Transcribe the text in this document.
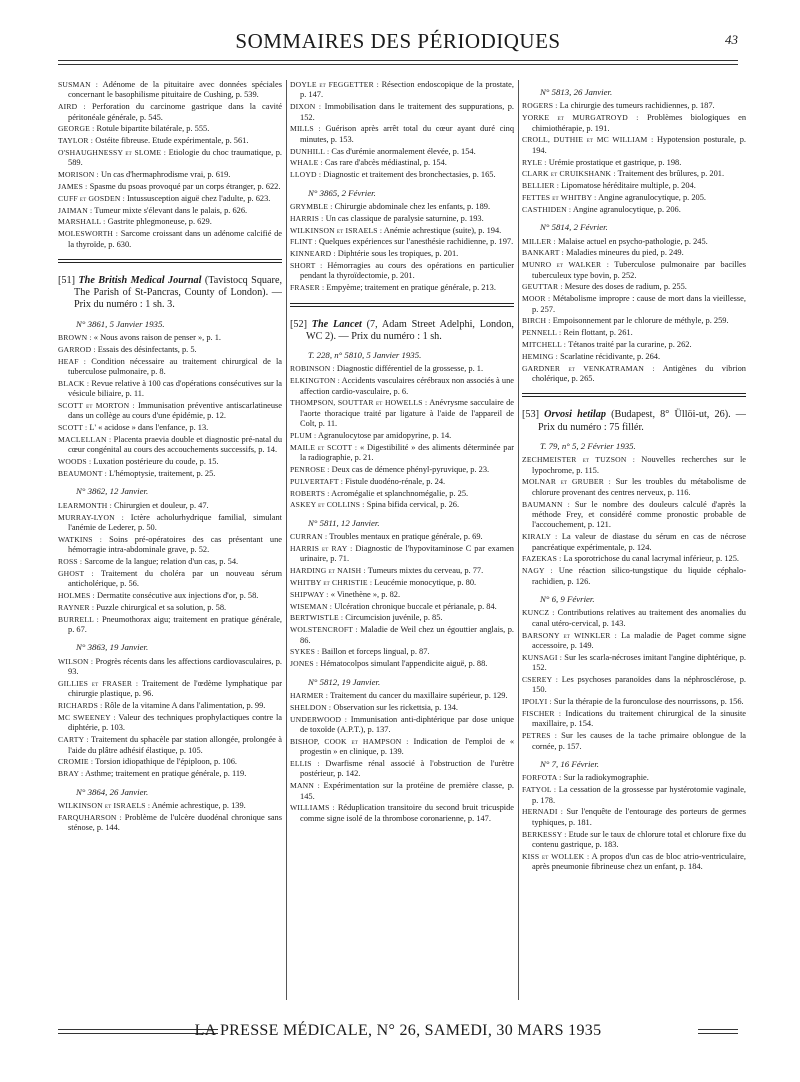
SOMMAIRES DES PÉRIODIQUES	43

SUSMAN : Adénome de la pituitaire avec données spéciales concernant le basophilisme pituitaire de Cushing, p. 539.

AIRD : Perforation du carcinome gastrique dans la cavité péritonéale générale, p. 545.

GEORGE : Rotule bipartite bilatérale, p. 555.

TAYLOR : Ostéite fibreuse. Etude expérimentale, p. 561.

O'SHAUGHNESSY et SLOME : Etiologie du choc traumatique, p. 589.

MORISON : Un cas d'hermaphrodisme vrai, p. 619.

JAMES : Spasme du psoas provoqué par un corps étranger, p. 622.

CUFF et GOSDEN : Intussusception aiguë chez l'adulte, p. 623.

JAIMAN : Tumeur mixte s'élevant dans le palais, p. 626.

MARSHALL : Gastrite phlegmoneuse, p. 629.

MOLESWORTH : Sarcome croissant dans un adénome calcifié de la thyroïde, p. 630.

[51] The British Medical Journal (Tavistocq Square, The Parish of St-Pancras, County of London). — Prix du numéro : 1 sh. 3.
N° 3861, 5 Janvier 1935.

BROWN : « Nous avons raison de penser », p. 1.

GARROD : Essais des désinfectants, p. 5.

HEAF : Condition nécessaire au traitement chirurgical de la tuberculose pulmonaire, p. 8.

BLACK : Revue relative à 100 cas d'opérations consécutives sur la vésicule biliaire, p. 11.

SCOTT et MORTON : Immunisation préventive antiscarlatineuse dans un collège au cours d'une épidémie, p. 12.

SCOTT : L' « acidose » dans l'enfance, p. 13.

MACLELLAN : Placenta praevia double et diagnostic pré-natal du cœur congénital au cours des accouchements successifs, p. 14.

WOODS : Luxation postérieure du coude, p. 15.

BEAUMONT : L'hémoptysie, traitement, p. 25.

N° 3862, 12 Janvier.

LEARMONTH : Chirurgien et douleur, p. 47.

MURRAY-LYON : Ictère acholurhydrique familial, simulant l'anémie de Lederer, p. 50.

WATKINS : Soins pré-opératoires des cas présentant une hémorragie intra-abdominale grave, p. 52.

ROSS : Sarcome de la langue; relation d'un cas, p. 54.

GHOST : Traitement du choléra par un nouveau sérum anticholérique, p. 56.

HOLMES : Dermatite consécutive aux injections d'or, p. 58.

RAYNER : Puzzle chirurgical et sa solution, p. 58.

BURRELL : Pneumothorax aigu; traitement en pratique générale, p. 67.

N° 3863, 19 Janvier.

WILSON : Progrès récents dans les affections cardiovasculaires, p. 93.

GILLIES et FRASER : Traitement de l'œdème lymphatique par chirurgie plastique, p. 96.

RICHARDS : Rôle de la vitamine A dans l'alimentation, p. 99.

MC SWEENEY : Valeur des techniques prophylactiques contre la diphtérie, p. 103.

CARTY : Traitement du sphacèle par station allongée, prolongée à l'aide du plâtre adhésif élastique, p. 105.

CROMIE : Torsion idiopathique de l'épiploon, p. 106.

BRAY : Asthme; traitement en pratique générale, p. 119.

N° 3864, 26 Janvier.

WILKINSON et ISRAELS : Anémie achrestique, p. 139.

FARQUHARSON : Problème de l'ulcère duodénal chronique sans sténose, p. 144.

DOYLE et FEGGETTER : Résection endoscopique de la prostate, p. 147.

DIXON : Immobilisation dans le traitement des suppurations, p. 152.

MILLS : Guérison après arrêt total du cœur ayant duré cinq minutes, p. 153.

DUNHILL : Cas d'urémie anormalement élevée, p. 154.

WHALE : Cas rare d'abcès médiastinal, p. 154.

LLOYD : Diagnostic et traitement des bronchectasies, p. 165.

N° 3865, 2 Février.

GRYMBLE : Chirurgie abdominale chez les enfants, p. 189.

HARRIS : Un cas classique de paralysie saturnine, p. 193.

WILKINSON et ISRAELS : Anémie achrestique (suite), p. 194.

FLINT : Quelques expériences sur l'anesthésie rachidienne, p. 197.

KINNEARD : Diphtérie sous les tropiques, p. 201.

SHORT : Hémorragies au cours des opérations en particulier pendant la thyroïdectomie, p. 201.

FRASER : Empyème; traitement en pratique générale, p. 213.

[52] The Lancet (7, Adam Street Adelphi, London, WC 2). — Prix du numéro : 1 sh.
T. 228, n° 5810, 5 Janvier 1935.

ROBINSON : Diagnostic différentiel de la grossesse, p. 1.

ELKINGTON : Accidents vasculaires cérébraux non associés à une affection cardio-vasculaire, p. 6.

THOMPSON, SOUTTAR et HOWELLS : Anévrysme sacculaire de l'aorte thoracique traité par ligature à l'aide de l'appareil de Colt, p. 11.

PLUM : Agranulocytose par amidopyrine, p. 14.

MAILE et SCOTT : « Digestibilité » des aliments déterminée par la radiographie, p. 21.

PENROSE : Deux cas de démence phényl-pyruvique, p. 23.

PULVERTAFT : Fistule duodéno-rénale, p. 24.

ROBERTS : Acromégalie et splanchnomégalie, p. 25.

ASKEY et COLLINS : Spina bifida cervical, p. 26.

N° 5811, 12 Janvier.

CURRAN : Troubles mentaux en pratique générale, p. 69.

HARRIS et RAY : Diagnostic de l'hypovitaminose C par examen urinaire, p. 71.

HARDING et NAISH : Tumeurs mixtes du cerveau, p. 77.

WHITBY et CHRISTIE : Leucémie monocytique, p. 80.

SHIPWAY : « Vinethène », p. 82.

WISEMAN : Ulcération chronique buccale et périanale, p. 84.

BERTWISTLE : Circumcision juvénile, p. 85.

WOLSTENCROFT : Maladie de Weil chez un égouttier anglais, p. 86.

SYKES : Baillon et forceps lingual, p. 87.

JONES : Hématocolpos simulant l'appendicite aiguë, p. 88.

N° 5812, 19 Janvier.

HARMER : Traitement du cancer du maxillaire supérieur, p. 129.

SHELDON : Observation sur les rickettsia, p. 134.

UNDERWOOD : Immunisation anti-diphtérique par dose unique de toxoïde (A.P.T.), p. 137.

BISHOP, COOK et HAMPSON : Indication de l'emploi de « progestin » en clinique, p. 139.

ELLIS : Dwarfisme rénal associé à l'obstruction de l'urètre postérieur, p. 142.

MANN : Expérimentation sur la protéine de première classe, p. 145.

WILLIAMS : Réduplication transitoire du second bruit tricuspide comme signe isolé de la thrombose coronarienne, p. 147.

N° 5813, 26 Janvier.

ROGERS : La chirurgie des tumeurs rachidiennes, p. 187.

YORKE et MURGATROYD : Problèmes biologiques en chimiothérapie, p. 191.

CROLL, DUTHIE et MC WILLIAM : Hypotension posturale, p. 194.

RYLE : Urémie prostatique et gastrique, p. 198.

CLARK et CRUIKSHANK : Traitement des brûlures, p. 201.

BELLIER : Lipomatose héréditaire multiple, p. 204.

FETTES et WHITBY : Angine agranulocytique, p. 205.

CASTHIDEN : Angine agranulocytique, p. 206.

N° 5814, 2 Février.

MILLER : Malaise actuel en psycho-pathologie, p. 245.

BANKART : Maladies mineures du pied, p. 249.

MUNRO et WALKER : Tuberculose pulmonaire par bacilles tuberculeux type bovin, p. 252.

GEUTTAR : Mesure des doses de radium, p. 255.

MOOR : Métabolisme impropre : cause de mort dans la vieillesse, p. 257.

BIRCH : Empoisonnement par le chlorure de méthyle, p. 259.

PENNELL : Rein flottant, p. 261.

MITCHELL : Tétanos traité par la curarine, p. 262.

HEMING : Scarlatine récidivante, p. 264.

GARDNER et VENKATRAMAN : Antigènes du vibrion cholérique, p. 265.

[53] Orvosi hetilap (Budapest, 8° Üllöi-ut, 26). — Prix du numéro : 75 fillér.
T. 79, n° 5, 2 Février 1935.

ZECHMEISTER et TUZSON : Nouvelles recherches sur le lypochrome, p. 115.

MOLNAR et GRUBER : Sur les troubles du métabolisme de chlorure provenant des centres nerveux, p. 116.

BAUMANN : Sur le nombre des douleurs calculé d'après la méthode Frey, et considéré comme pronostic probable de l'accouchement, p. 121.

KIRALY : La valeur de diastase du sérum en cas de nécrose pancréatique expérimentale, p. 124.

FAZEKAS : La sporotrichose du canal lacrymal inférieur, p. 125.

NAGY : Une réaction silico-tungstique du liquide céphalo-rachidien, p. 126.

N° 6, 9 Février.

KUNCZ : Contributions relatives au traitement des anomalies du canal utéro-cervical, p. 143.

BARSONY et WINKLER : La maladie de Paget comme signe accessoire, p. 149.

KUNSAGI : Sur les scarla-nécroses imitant l'angine diphtérique, p. 152.

CSEREY : Les psychoses paranoïdes dans la néphrosclérose, p. 150.

IPOLYI : Sur la thérapie de la furonculose des nourrissons, p. 156.

FISCHER : Indications du traitement chirurgical de la sinusite maxillaire, p. 154.

PETRES : Sur les causes de la tache primaire oblongue de la cornée, p. 157.

N° 7, 16 Février.

FORFOTA : Sur la radiokymographie.

FATYOL : La cessation de la grossesse par hystérotomie vaginale, p. 178.

HERNADI : Sur l'enquête de l'entourage des porteurs de germes typhiques, p. 181.

BERKESSY : Etude sur le taux de chlorure total et chlorure fixe du contenu gastrique, p. 183.

KISS et WOLLEK : A propos d'un cas de bloc atrio-ventriculaire, après pneumonie fibrineuse chez un enfant, p. 184.

LA PRESSE MÉDICALE, N° 26, SAMEDI, 30 MARS 1935
